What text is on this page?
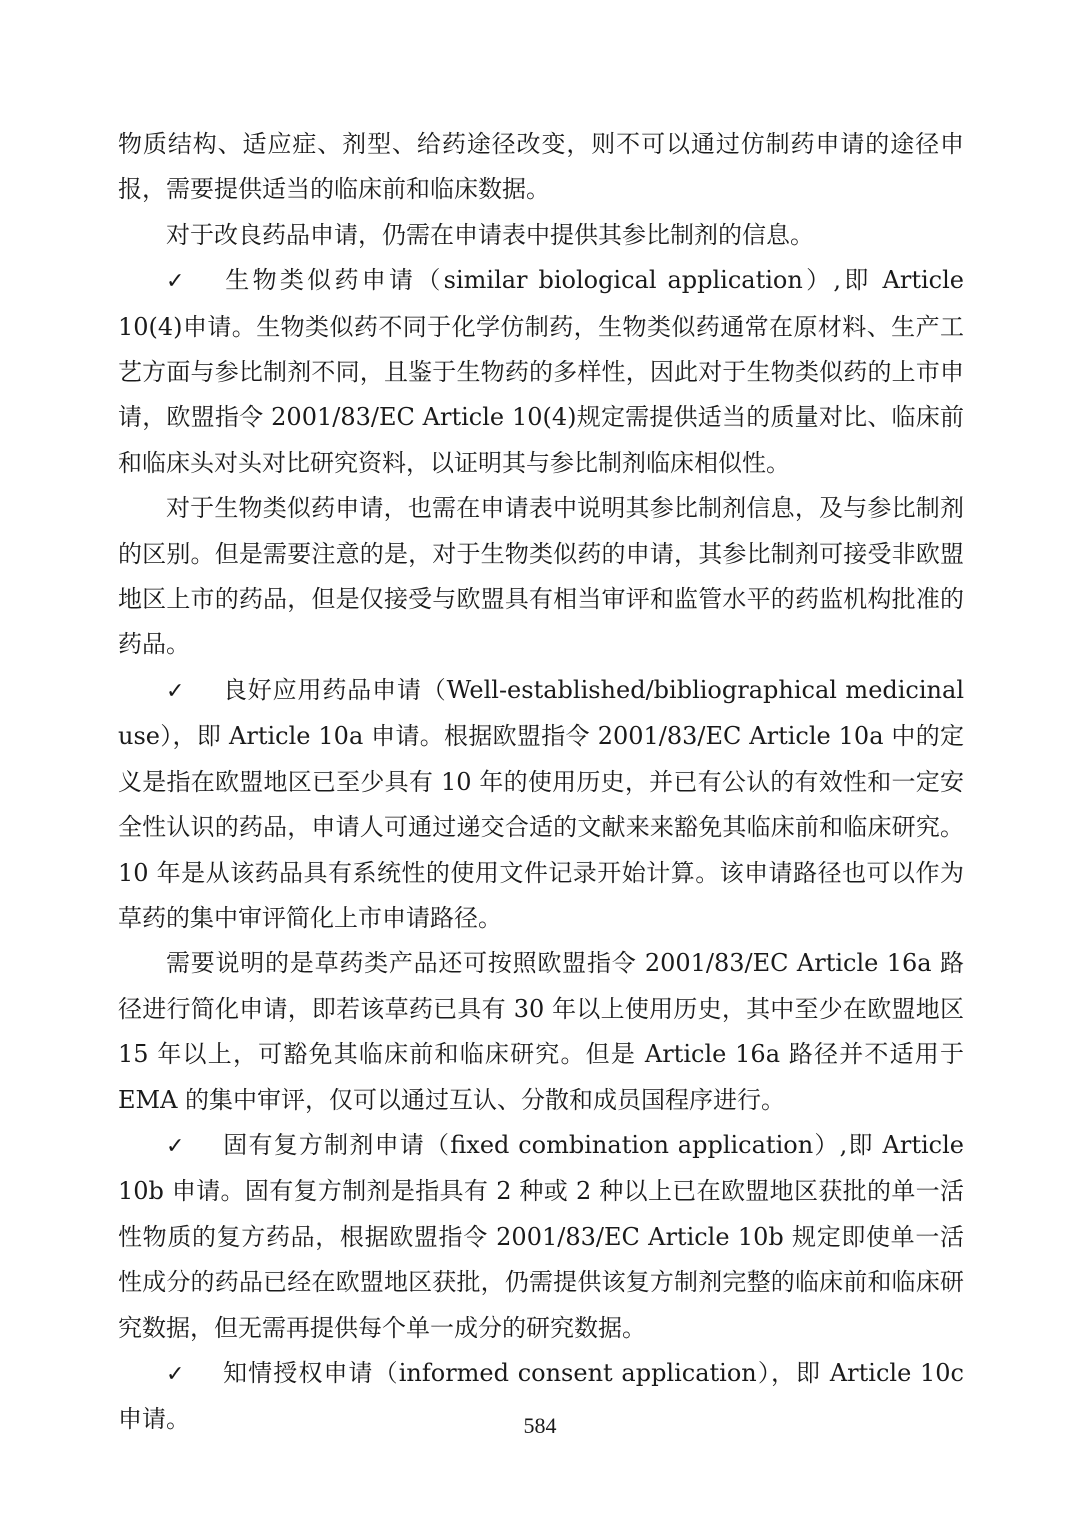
物质结构、适应症、剂型、给药途径改变，则不可以通过仿制药申请的途径申报，需要提供适当的临床前和临床数据。

对于改良药品申请，仍需在申请表中提供其参比制剂的信息。

✓ 生物类似药申请（similar biological application）,即 Article 10(4)申请。生物类似药不同于化学仿制药，生物类似药通常在原材料、生产工艺方面与参比制剂不同，且鉴于生物药的多样性，因此对于生物类似药的上市申请，欧盟指令 2001/83/EC Article 10(4)规定需提供适当的质量对比、临床前和临床头对头对比研究资料，以证明其与参比制剂临床相似性。

对于生物类似药申请，也需在申请表中说明其参比制剂信息，及与参比制剂的区别。但是需要注意的是，对于生物类似药的申请，其参比制剂可接受非欧盟地区上市的药品，但是仅接受与欧盟具有相当审评和监管水平的药监机构批准的药品。

✓ 良好应用药品申请（Well-established/bibliographical medicinal use），即 Article 10a 申请。根据欧盟指令 2001/83/EC Article 10a 中的定义是指在欧盟地区已至少具有 10 年的使用历史，并已有公认的有效性和一定安全性认识的药品，申请人可通过递交合适的文献来来豁免其临床前和临床研究。10 年是从该药品具有系统性的使用文件记录开始计算。该申请路径也可以作为草药的集中审评简化上市申请路径。

需要说明的是草药类产品还可按照欧盟指令 2001/83/EC Article 16a 路径进行简化申请，即若该草药已具有 30 年以上使用历史，其中至少在欧盟地区 15 年以上，可豁免其临床前和临床研究。但是 Article 16a 路径并不适用于 EMA 的集中审评，仅可以通过互认、分散和成员国程序进行。

✓ 固有复方制剂申请（fixed combination application）,即 Article 10b 申请。固有复方制剂是指具有 2 种或 2 种以上已在欧盟地区获批的单一活性物质的复方药品，根据欧盟指令 2001/83/EC Article 10b 规定即使单一活性成分的药品已经在欧盟地区获批，仍需提供该复方制剂完整的临床前和临床研究数据，但无需再提供每个单一成分的研究数据。

✓ 知情授权申请（informed consent application），即 Article 10c 申请。	584
